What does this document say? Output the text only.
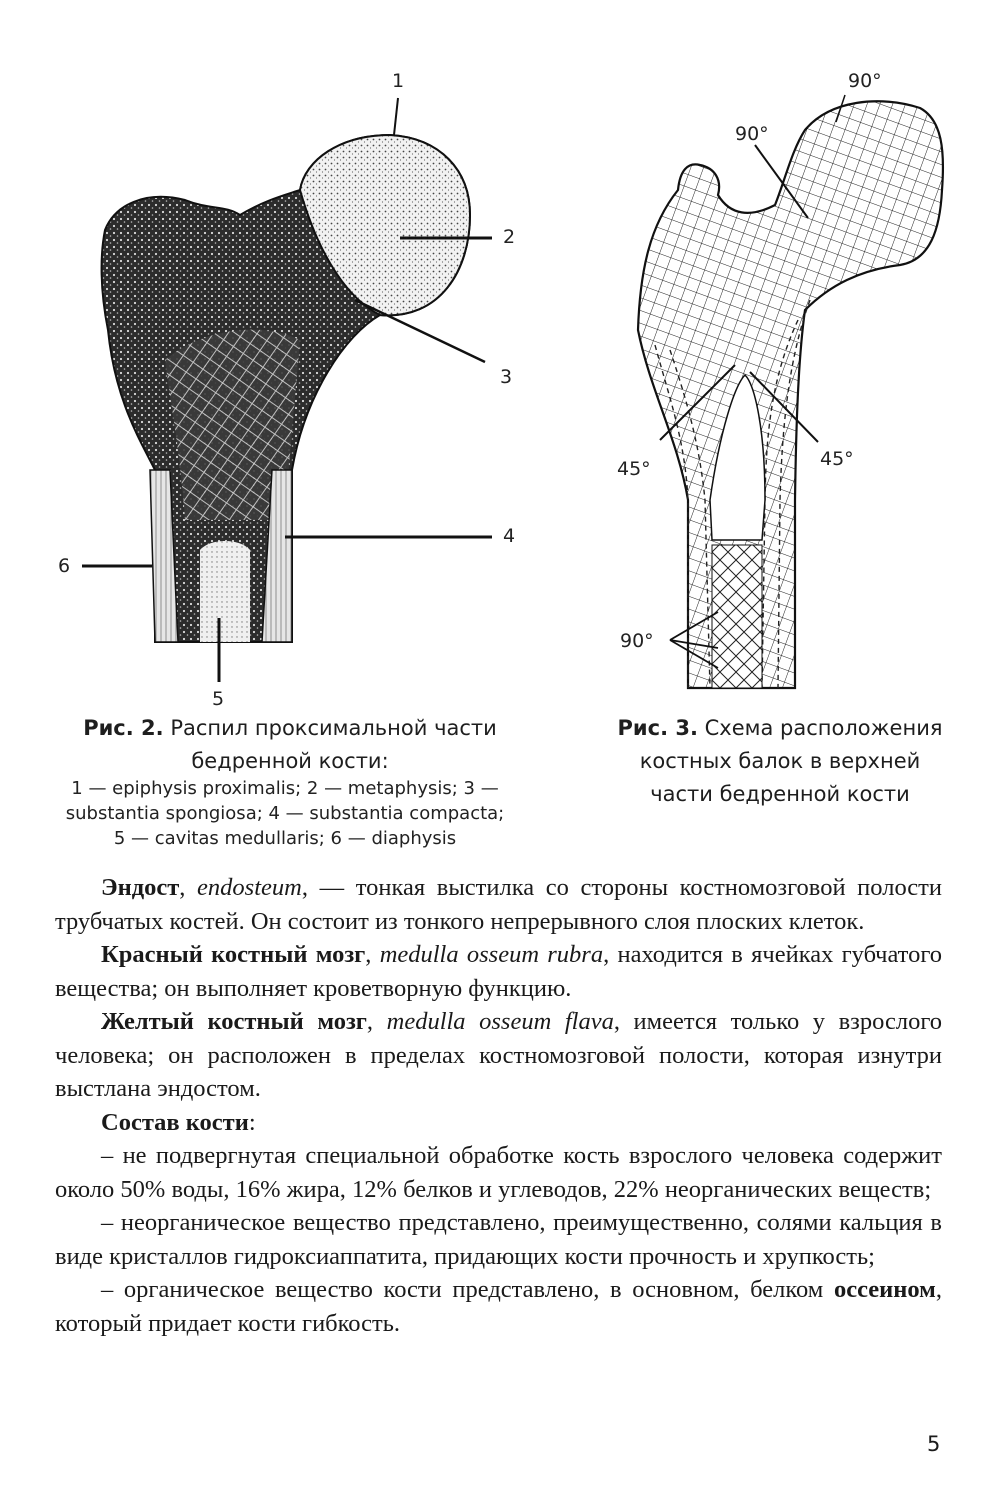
1
2
3
4
5
6
Рис. 2. Распил проксимальной части
бедренной кости:
1 — epiphysis proximalis; 2 — metaphysis; 3 —
substantia spongiosa; 4 — substantia compacta;
5 — cavitas medullaris; 6 — diaphysis
90°
90°
45°	45°
90°
Рис. 3. Схема расположения
костных балок в верхней
части бедренной кости

Эндост, endosteum, — тонкая выстилка со стороны костномозговой полости трубчатых костей. Он состоит из тонкого непрерывного слоя плоских клеток.

Красный костный мозг, medulla osseum rubra, находится в ячейках губчатого вещества; он выполняет кроветворную функцию.

Желтый костный мозг, medulla osseum flava, имеется только у взрослого человека; он расположен в пределах костномозговой полости, которая изнутри выстлана эндостом.

Состав кости:

– не подвергнутая специальной обработке кость взрослого человека содержит около 50% воды, 16% жира, 12% белков и углеводов, 22% неорганических веществ;

– неорганическое вещество представлено, преимущественно, солями кальция в виде кристаллов гидроксиаппатита, придающих кости прочность и хрупкость;

– органическое вещество кости представлено, в основном, белком оссеином, который придает кости гибкость.

5
